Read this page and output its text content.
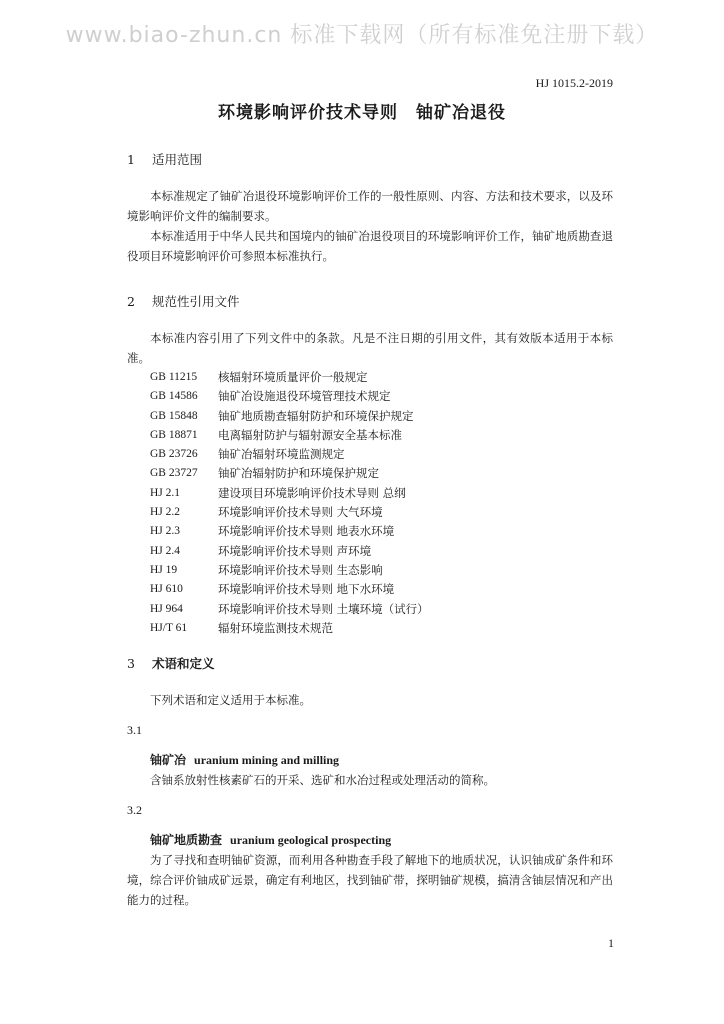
www.biao-zhun.cn 标准下载网（所有标准免注册下载）
HJ 1015.2-2019
环境影响评价技术导则　铀矿冶退役
1	适用范围

本标准规定了铀矿冶退役环境影响评价工作的一般性原则、内容、方法和技术要求，以及环境影响评价文件的编制要求。

本标准适用于中华人民共和国境内的铀矿冶退役项目的环境影响评价工作，铀矿地质勘查退役项目环境影响评价可参照本标准执行。

2	规范性引用文件

本标准内容引用了下列文件中的条款。凡是不注日期的引用文件，其有效版本适用于本标准。

GB 11215	核辐射环境质量评价一般规定
GB 14586	铀矿冶设施退役环境管理技术规定
GB 15848	铀矿地质勘查辐射防护和环境保护规定
GB 18871	电离辐射防护与辐射源安全基本标准
GB 23726	铀矿冶辐射环境监测规定
GB 23727	铀矿冶辐射防护和环境保护规定
HJ 2.1	建设项目环境影响评价技术导则 总纲
HJ 2.2	环境影响评价技术导则 大气环境
HJ 2.3	环境影响评价技术导则 地表水环境
HJ 2.4	环境影响评价技术导则 声环境
HJ 19	环境影响评价技术导则 生态影响
HJ 610	环境影响评价技术导则 地下水环境
HJ 964	环境影响评价技术导则 土壤环境（试行）
HJ/T 61	辐射环境监测技术规范
3	术语和定义

下列术语和定义适用于本标准。

3.1
铀矿冶 uranium mining and milling

含铀系放射性核素矿石的开采、选矿和水冶过程或处理活动的简称。

3.2
铀矿地质勘查 uranium geological prospecting

为了寻找和查明铀矿资源，而利用各种勘查手段了解地下的地质状况，认识铀成矿条件和环境，综合评价铀成矿远景，确定有利地区，找到铀矿带，探明铀矿规模，搞清含铀层情况和产出能力的过程。

1
